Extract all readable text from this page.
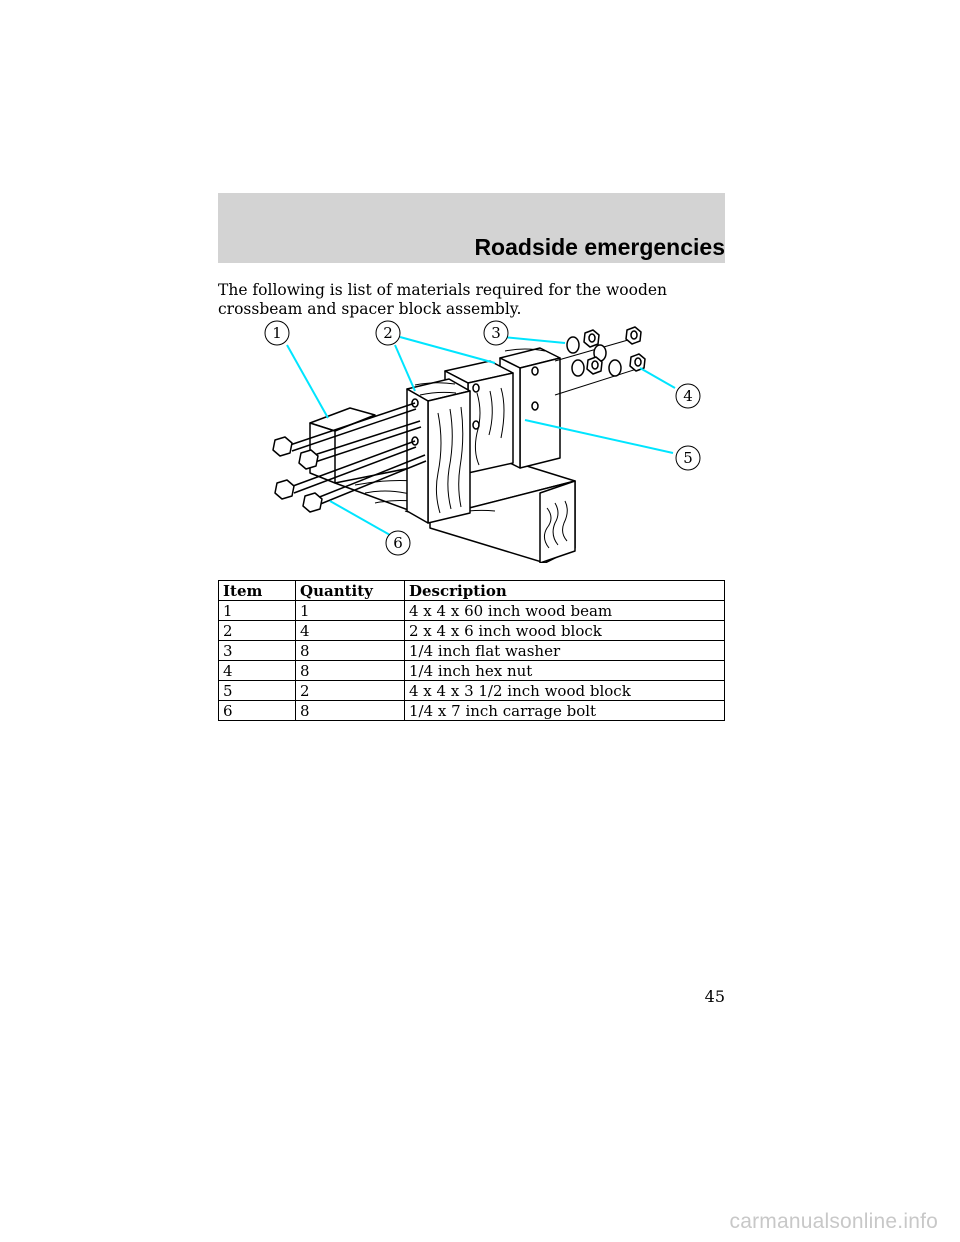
Roadside emergencies

The following is list of materials required for the wooden crossbeam and spacer block assembly.

1	2	3
4
5
6
Item	Quantity	Description
1	1	4 x 4 x 60 inch wood beam
2	4	2 x 4 x 6 inch wood block
3	8	1/4 inch flat washer
4	8	1/4 inch hex nut
5	2	4 x 4 x 3 1/2 inch wood block
6	8	1/4 x 7 inch carrage bolt
45
carmanualsonline.info
